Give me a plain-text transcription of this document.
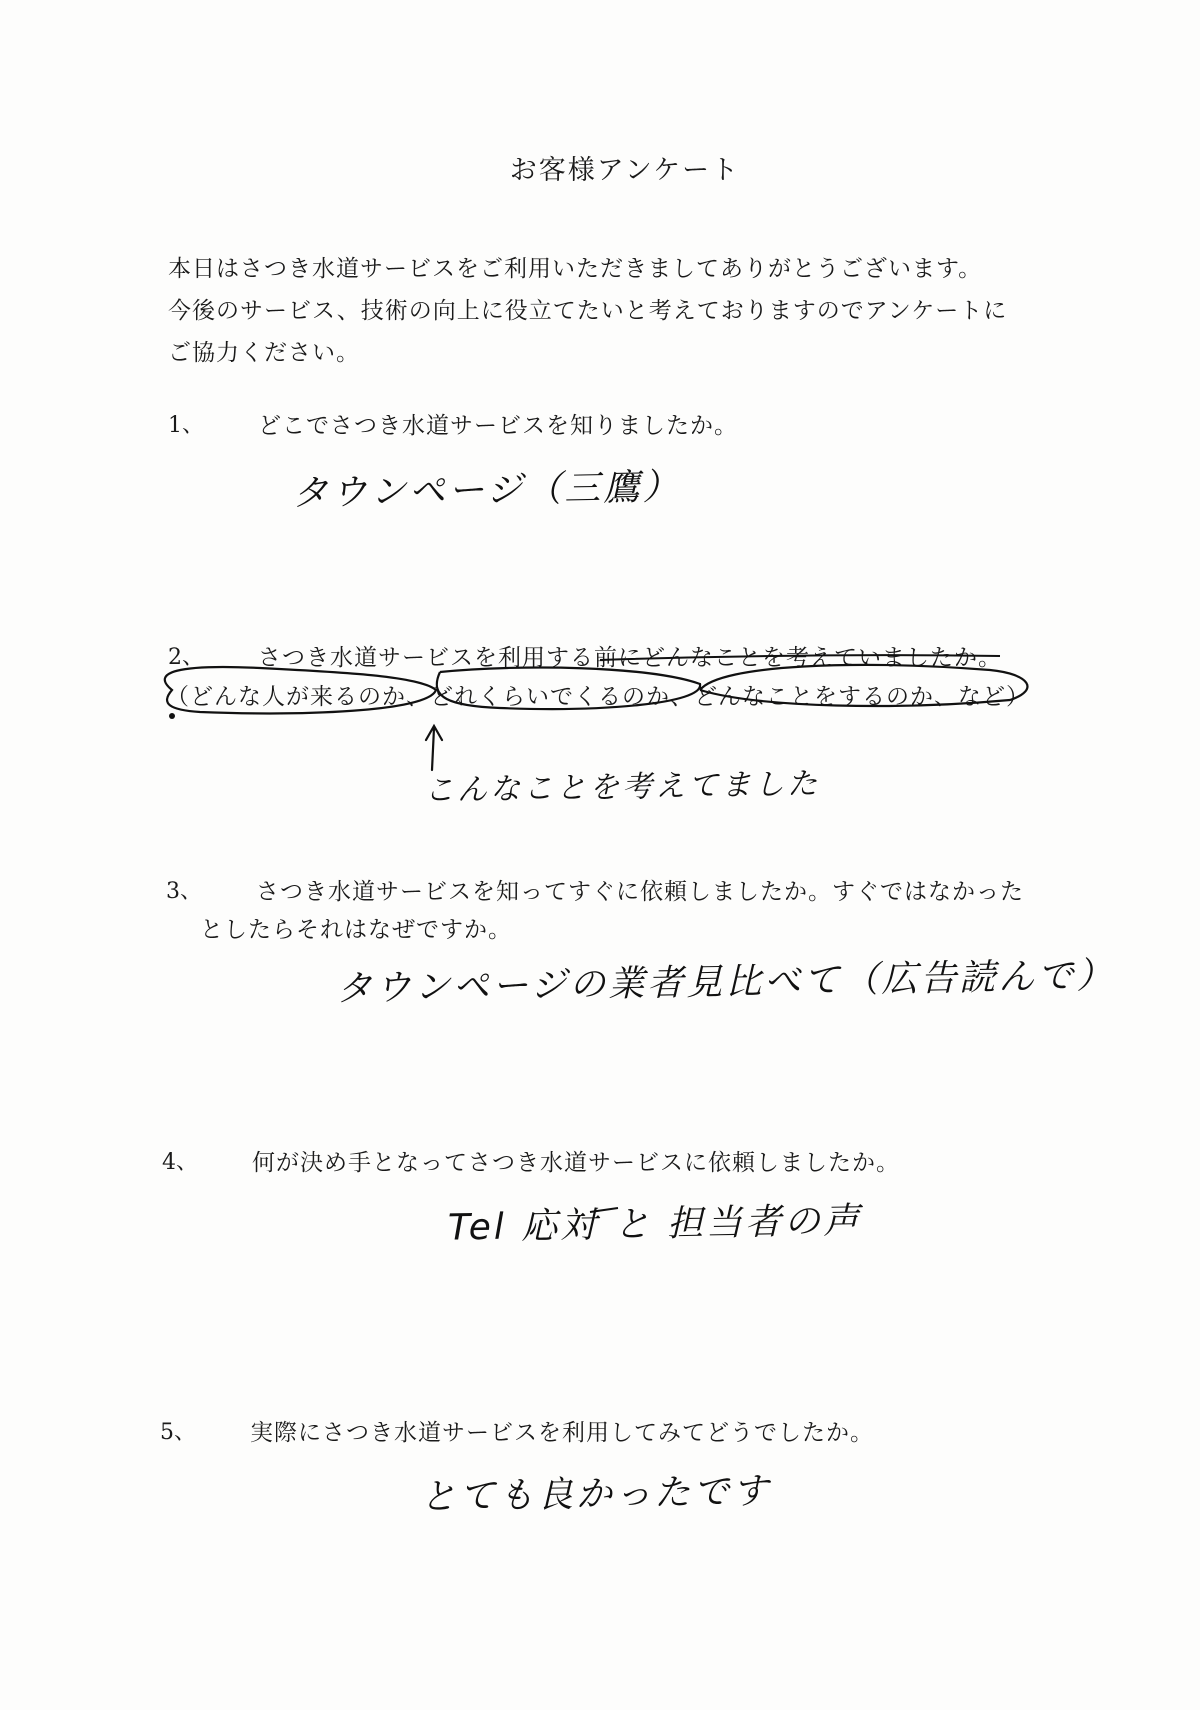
お客様アンケート
本日はさつき水道サービスをご利用いただきましてありがとうございます。
今後のサービス、技術の向上に役立てたいと考えておりますのでアンケートに
ご協力ください。
1、 どこでさつき水道サービスを知りましたか。
タウンページ（三鷹）
2、 さつき水道サービスを利用する前にどんなことを考えていましたか。
（どんな人が来るのか、どれくらいでくるのか、どんなことをするのか、など）
こんなことを考えてました
3、 さつき水道サービスを知ってすぐに依頼しましたか。すぐではなかった
としたらそれはなぜですか。
タウンページの業者見比べて（広告読んで）
4、 何が決め手となってさつき水道サービスに依頼しましたか。
Tel 応対 と 担当者の声
5、 実際にさつき水道サービスを利用してみてどうでしたか。
とても良かったです
